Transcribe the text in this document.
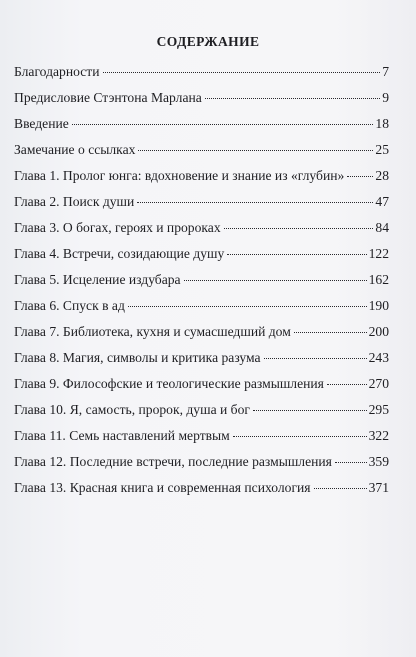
СОДЕРЖАНИЕ
Благодарности	7
Предисловие Стэнтона Марлана	9
Введение	18
Замечание о ссылках	25
Глава 1. Пролог юнга: вдохновение и знание из «глубин» 28
Глава 2. Поиск души	47
Глава 3. О богах, героях и пророках	84
Глава 4. Встречи, созидающие душу	122
Глава 5. Исцеление издубара	162
Глава 6. Спуск в ад	190
Глава 7. Библиотека, кухня и сумасшедший дом	200
Глава 8. Магия, символы и критика разума	243
Глава 9. Философские и теологические размышления	270
Глава 10. Я, самость, пророк, душа и бог	295
Глава 11. Семь наставлений мертвым	322
Глава 12. Последние встречи, последние размышления	359
Глава 13. Красная книга и современная психология	371
